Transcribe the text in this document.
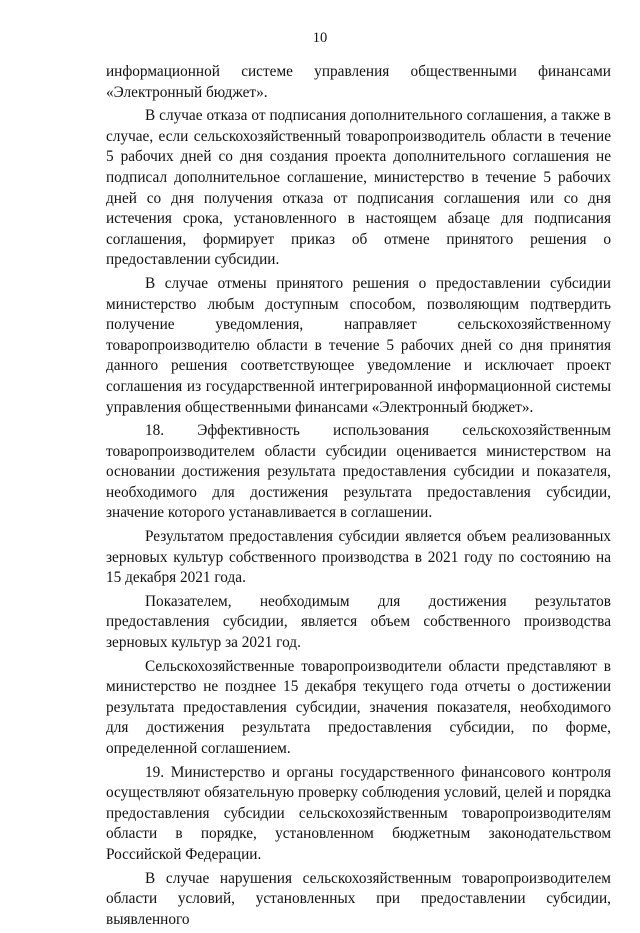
10

информационной системе управления общественными финансами «Электронный бюджет».

В случае отказа от подписания дополнительного соглашения, а также в случае, если сельскохозяйственный товаропроизводитель области в течение 5 рабочих дней со дня создания проекта дополнительного соглашения не подписал дополнительное соглашение, министерство в течение 5 рабочих дней со дня получения отказа от подписания соглашения или со дня истечения срока, установленного в настоящем абзаце для подписания соглашения, формирует приказ об отмене принятого решения о предоставлении субсидии.

В случае отмены принятого решения о предоставлении субсидии министерство любым доступным способом, позволяющим подтвердить получение уведомления, направляет сельскохозяйственному товаропроизводителю области в течение 5 рабочих дней со дня принятия данного решения соответствующее уведомление и исключает проект соглашения из государственной интегрированной информационной системы управления общественными финансами «Электронный бюджет».

18. Эффективность использования сельскохозяйственным товаропроизводителем области субсидии оценивается министерством на основании достижения результата предоставления субсидии и показателя, необходимого для достижения результата предоставления субсидии, значение которого устанавливается в соглашении.

Результатом предоставления субсидии является объем реализованных зерновых культур собственного производства в 2021 году по состоянию на 15 декабря 2021 года.

Показателем, необходимым для достижения результатов предоставления субсидии, является объем собственного производства зерновых культур за 2021 год.

Сельскохозяйственные товаропроизводители области представляют в министерство не позднее 15 декабря текущего года отчеты о достижении результата предоставления субсидии, значения показателя, необходимого для достижения результата предоставления субсидии, по форме, определенной соглашением.

19. Министерство и органы государственного финансового контроля осуществляют обязательную проверку соблюдения условий, целей и порядка предоставления субсидии сельскохозяйственным товаропроизводителям области в порядке, установленном бюджетным законодательством Российской Федерации.

В случае нарушения сельскохозяйственным товаропроизводителем области условий, установленных при предоставлении субсидии, выявленного
